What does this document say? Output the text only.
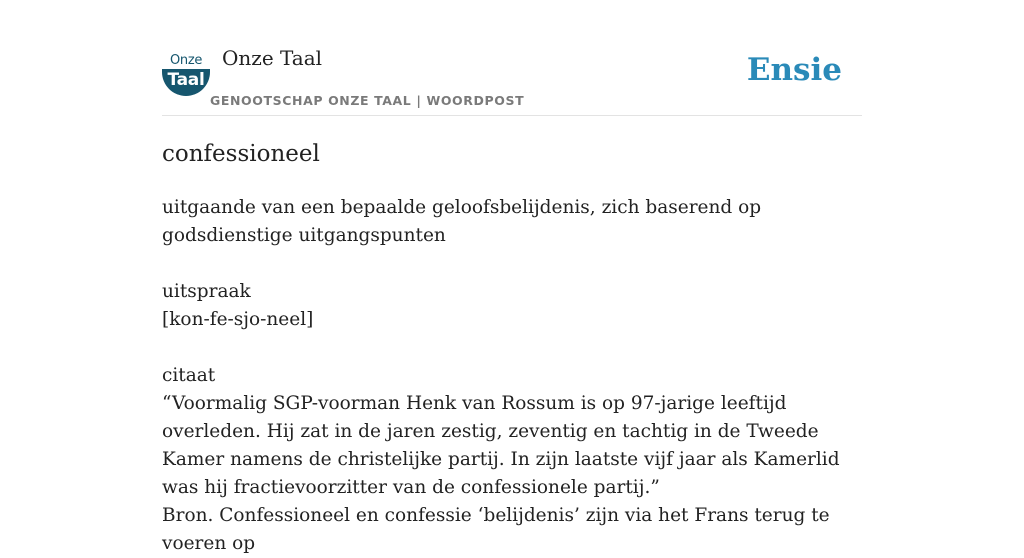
Onze
Taal
Onze Taal
GENOOTSCHAP ONZE TAAL | WOORDPOST
Ensie
confessioneel
uitgaande van een bepaalde geloofsbelijdenis, zich baserend op godsdienstige uitgangspunten
uitspraak
[kon-fe-sjo-neel]
citaat
“Voormalig SGP-voorman Henk van Rossum is op 97-jarige leeftijd overleden. Hij zat in de jaren zestig, zeventig en tachtig in de Tweede Kamer namens de christelijke partij. In zijn laatste vijf jaar als Kamerlid was hij fractievoorzitter van de confessionele partij.”
Bron. Confessioneel en confessie ‘belijdenis’ zijn via het Frans terug te voeren op
